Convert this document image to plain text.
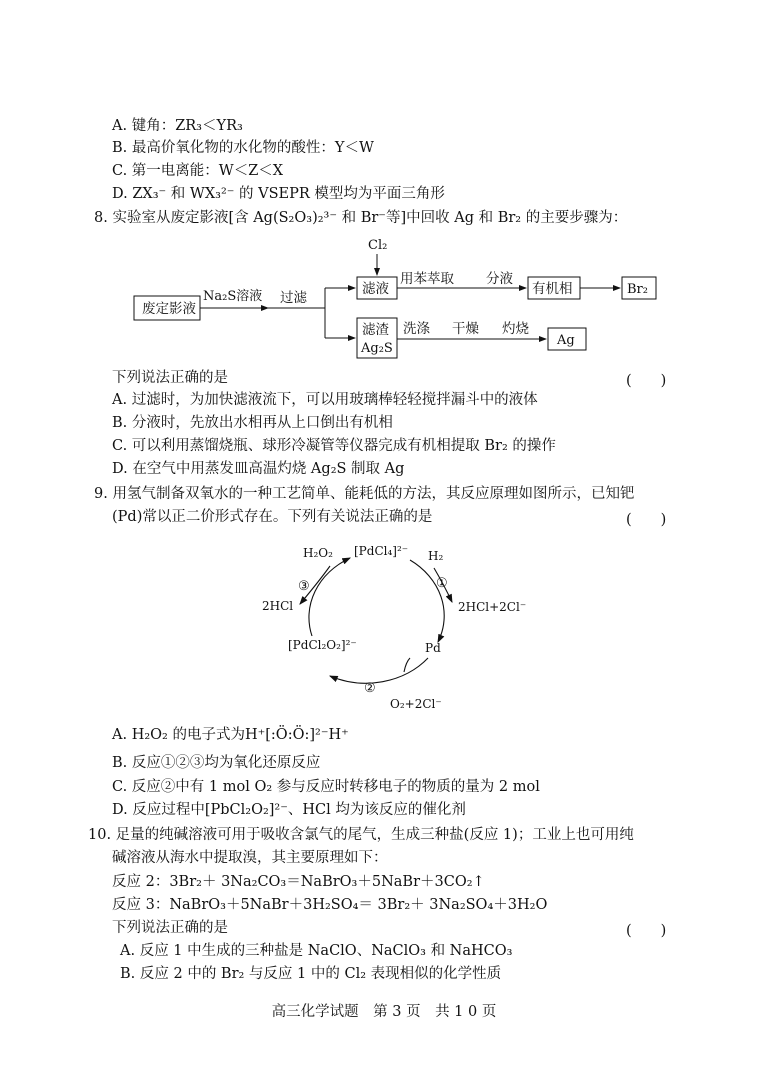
A. 键角：ZR₃＜YR₃
B. 最高价氧化物的水化物的酸性：Y＜W
C. 第一电离能：W＜Z＜X
D. ZX₃⁻ 和 WX₃²⁻ 的 VSEPR 模型均为平面三角形
8. 实验室从废定影液[含 Ag(S₂O₃)₂³⁻ 和 Br⁻等]中回收 Ag 和 Br₂ 的主要步骤为：
废定影液
Na₂S溶液 过滤
Cl₂
滤液
用苯萃取 分液
有机相	Br₂
滤渣
Ag₂S
洗涤 干燥 灼烧
Ag
下列说法正确的是	(　　)
A. 过滤时，为加快滤液流下，可以用玻璃棒轻轻搅拌漏斗中的液体
B. 分液时，先放出水相再从上口倒出有机相
C. 可以利用蒸馏烧瓶、球形冷凝管等仪器完成有机相提取 Br₂ 的操作
D. 在空气中用蒸发皿高温灼烧 Ag₂S 制取 Ag
9. 用氢气制备双氧水的一种工艺简单、能耗低的方法，其反应原理如图所示，已知钯
(Pd)常以正二价形式存在。下列有关说法正确的是	(　　)
[PdCl₄]²⁻
H₂O₂	H₂
①
③
2HCl+2Cl⁻
2HCl
Pd
[PdCl₂O₂]²⁻
②
O₂+2Cl⁻
A. H₂O₂ 的电子式为H⁺[:Ö:Ö:]²⁻H⁺
B. 反应①②③均为氧化还原反应
C. 反应②中有 1 mol O₂ 参与反应时转移电子的物质的量为 2 mol
D. 反应过程中[PbCl₂O₂]²⁻、HCl 均为该反应的催化剂
10. 足量的纯碱溶液可用于吸收含氯气的尾气，生成三种盐(反应 1)；工业上也可用纯
碱溶液从海水中提取溴，其主要原理如下：
反应 2：3Br₂＋ 3Na₂CO₃＝NaBrO₃＋5NaBr＋3CO₂↑
反应 3：NaBrO₃＋5NaBr＋3H₂SO₄＝ 3Br₂＋ 3Na₂SO₄＋3H₂O
下列说法正确的是	(　　)
A. 反应 1 中生成的三种盐是 NaClO、NaClO₃ 和 NaHCO₃
B. 反应 2 中的 Br₂ 与反应 1 中的 Cl₂ 表现相似的化学性质
高三化学试题　第 3 页　共 1 0 页
